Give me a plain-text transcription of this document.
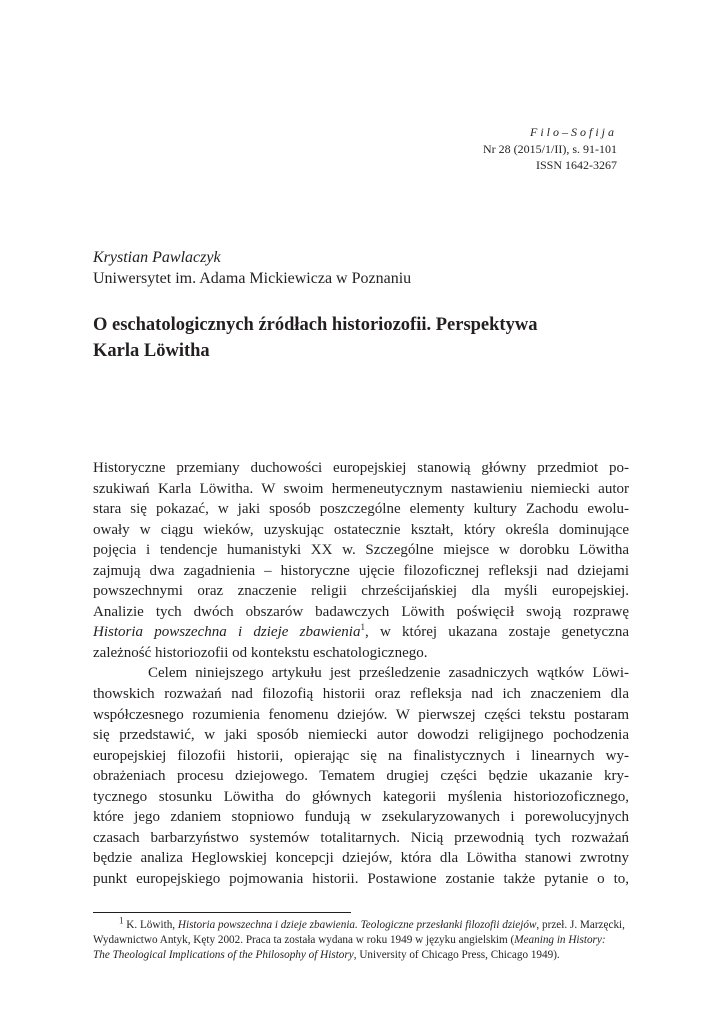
Filo–Sofija
Nr 28 (2015/1/II), s. 91-101
ISSN 1642-3267
Krystian Pawlaczyk
Uniwersytet im. Adama Mickiewicza w Poznaniu
O eschatologicznych źródłach historiozofii. Perspektywa
Karla Löwitha
Historyczne przemiany duchowości europejskiej stanowią główny przedmiot po-
szukiwań Karla Löwitha. W swoim hermeneutycznym nastawieniu niemiecki autor
stara się pokazać, w jaki sposób poszczególne elementy kultury Zachodu ewolu-
owały w ciągu wieków, uzyskując ostatecznie kształt, który określa dominujące
pojęcia i tendencje humanistyki XX w. Szczególne miejsce w dorobku Löwitha
zajmują dwa zagadnienia – historyczne ujęcie filozoficznej refleksji nad dziejami
powszechnymi oraz znaczenie religii chrześcijańskiej dla myśli europejskiej.
Analizie tych dwóch obszarów badawczych Löwith poświęcił swoją rozprawę
Historia powszechna i dzieje zbawienia$^1$, w której ukazana zostaje genetyczna
zależność historiozofii od kontekstu eschatologicznego.
Celem niniejszego artykułu jest prześledzenie zasadniczych wątków Löwi-
thowskich rozważań nad filozofią historii oraz refleksja nad ich znaczeniem dla
współczesnego rozumienia fenomenu dziejów. W pierwszej części tekstu postaram
się przedstawić, w jaki sposób niemiecki autor dowodzi religijnego pochodzenia
europejskiej filozofii historii, opierając się na finalistycznych i linearnych wy-
obrażeniach procesu dziejowego. Tematem drugiej części będzie ukazanie kry-
tycznego stosunku Löwitha do głównych kategorii myślenia historiozoficznego,
które jego zdaniem stopniowo fundują w zsekularyzowanych i porewolucyjnych
czasach barbarzyństwo systemów totalitarnych. Nicią przewodnią tych rozważań
będzie analiza Heglowskiej koncepcji dziejów, która dla Löwitha stanowi zwrotny
punkt europejskiego pojmowania historii. Postawione zostanie także pytanie o to,
$^1$ K. Löwith, Historia powszechna i dzieje zbawienia. Teologiczne przesłanki filozofii dziejów, przeł. J. Marzęcki,
Wydawnictwo Antyk, Kęty 2002. Praca ta została wydana w roku 1949 w języku angielskim (Meaning in History:
The Theological Implications of the Philosophy of History, University of Chicago Press, Chicago 1949).
